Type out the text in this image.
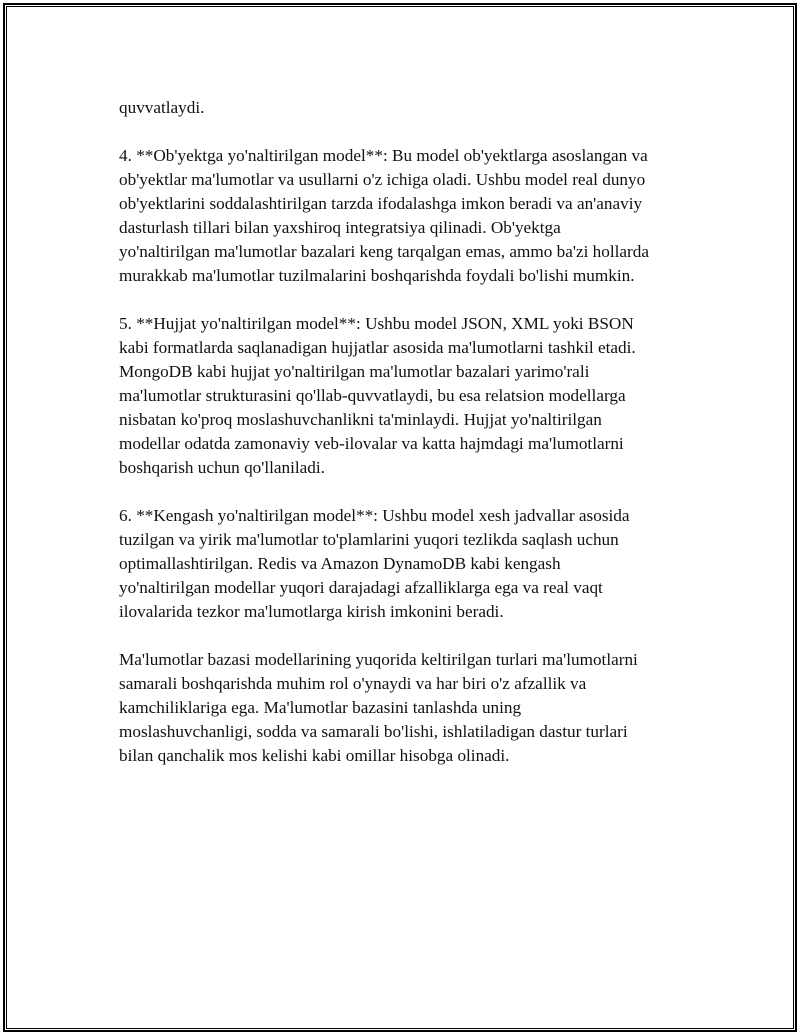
quvvatlaydi.

4. **Ob'yektga yo'naltirilgan model**: Bu model ob'yektlarga asoslangan va
ob'yektlar ma'lumotlar va usullarni o'z ichiga oladi. Ushbu model real dunyo
ob'yektlarini soddalashtirilgan tarzda ifodalashga imkon beradi va an'anaviy
dasturlash tillari bilan yaxshiroq integratsiya qilinadi. Ob'yektga
yo'naltirilgan ma'lumotlar bazalari keng tarqalgan emas, ammo ba'zi hollarda
murakkab ma'lumotlar tuzilmalarini boshqarishda foydali bo'lishi mumkin.

5. **Hujjat yo'naltirilgan model**: Ushbu model JSON, XML yoki BSON
kabi formatlarda saqlanadigan hujjatlar asosida ma'lumotlarni tashkil etadi.
MongoDB kabi hujjat yo'naltirilgan ma'lumotlar bazalari yarimo'rali
ma'lumotlar strukturasini qo'llab-quvvatlaydi, bu esa relatsion modellarga
nisbatan ko'proq moslashuvchanlikni ta'minlaydi. Hujjat yo'naltirilgan
modellar odatda zamonaviy veb-ilovalar va katta hajmdagi ma'lumotlarni
boshqarish uchun qo'llaniladi.

6. **Kengash yo'naltirilgan model**: Ushbu model xesh jadvallar asosida
tuzilgan va yirik ma'lumotlar to'plamlarini yuqori tezlikda saqlash uchun
optimallashtirilgan. Redis va Amazon DynamoDB kabi kengash
yo'naltirilgan modellar yuqori darajadagi afzalliklarga ega va real vaqt
ilovalarida tezkor ma'lumotlarga kirish imkonini beradi.

Ma'lumotlar bazasi modellarining yuqorida keltirilgan turlari ma'lumotlarni
samarali boshqarishda muhim rol o'ynaydi va har biri o'z afzallik va
kamchiliklariga ega. Ma'lumotlar bazasini tanlashda uning
moslashuvchanligi, sodda va samarali bo'lishi, ishlatiladigan dastur turlari
bilan qanchalik mos kelishi kabi omillar hisobga olinadi.
